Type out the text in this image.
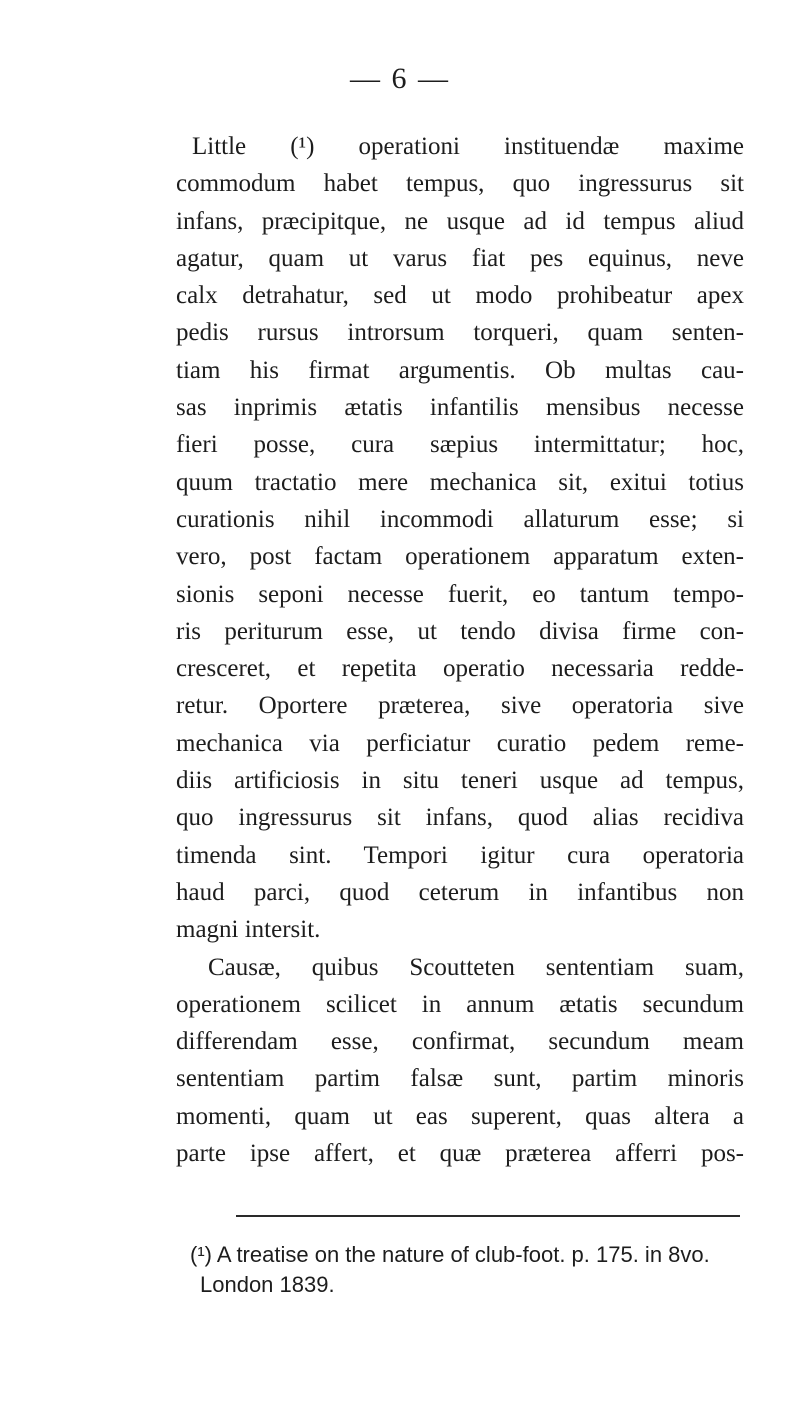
— 6 —
Little (¹) operationi instituendæ maxime
commodum habet tempus, quo ingressurus sit
infans, præcipitque, ne usque ad id tempus aliud
agatur, quam ut varus fiat pes equinus, neve
calx detrahatur, sed ut modo prohibeatur apex
pedis rursus introrsum torqueri, quam senten-
tiam his firmat argumentis. Ob multas cau-
sas inprimis ætatis infantilis mensibus necesse
fieri posse, cura sæpius intermittatur; hoc,
quum tractatio mere mechanica sit, exitui totius
curationis nihil incommodi allaturum esse; si
vero, post factam operationem apparatum exten-
sionis seponi necesse fuerit, eo tantum tempo-
ris periturum esse, ut tendo divisa firme con-
cresceret, et repetita operatio necessaria redde-
retur. Oportere præterea, sive operatoria sive
mechanica via perficiatur curatio pedem reme-
diis artificiosis in situ teneri usque ad tempus,
quo ingressurus sit infans, quod alias recidiva
timenda sint. Tempori igitur cura operatoria
haud parci, quod ceterum in infantibus non
magni intersit.
Causæ, quibus Scoutteten sententiam suam,
operationem scilicet in annum ætatis secundum
differendam esse, confirmat, secundum meam
sententiam partim falsæ sunt, partim minoris
momenti, quam ut eas superent, quas altera a
parte ipse affert, et quæ præterea afferri pos-
(¹) A treatise on the nature of club-foot. p. 175. in 8vo.
London 1839.
